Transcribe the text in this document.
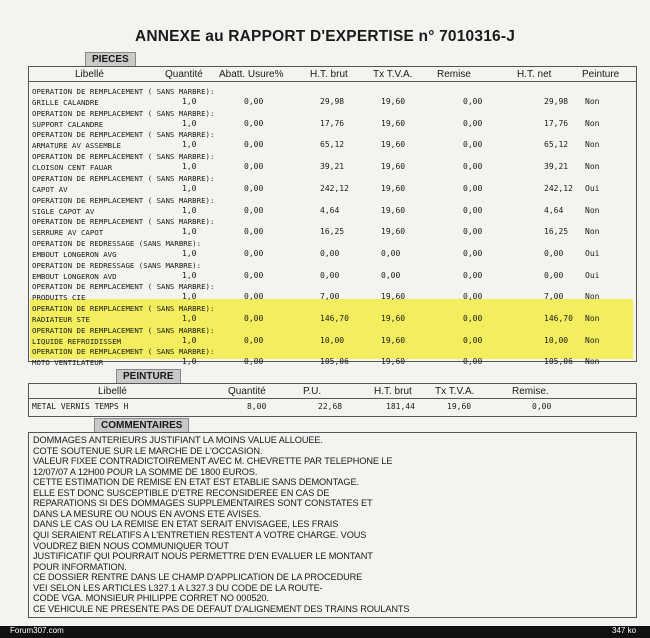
ANNEXE au RAPPORT D'EXPERTISE n° 7010316-J
PIECES
Libellé	Quantité Abatt. Usure%	H.T. brut	Tx T.V.A. Remise	H.T. net	Peinture
OPERATION DE REMPLACEMENT ( SANS MARBRE):
GRILLE CALANDRE	1,0	0,00	29,98	19,60	0,00	29,98 Non
OPERATION DE REMPLACEMENT ( SANS MARBRE):
SUPPORT CALANDRE	1,0	0,00	17,76	19,60	0,00	17,76 Non
OPERATION DE REMPLACEMENT ( SANS MARBRE):
ARMATURE AV ASSEMBLE	1,0	0,00	65,12	19,60	0,00	65,12 Non
OPERATION DE REMPLACEMENT ( SANS MARBRE):
CLOISON CENT FAUAR	1,0	0,00	39,21	19,60	0,00	39,21 Non
OPERATION DE REMPLACEMENT ( SANS MARBRE):
CAPOT AV	1,0	0,00	242,12	19,60	0,00	242,12 Oui
OPERATION DE REMPLACEMENT ( SANS MARBRE):
SIGLE CAPOT AV	1,0	0,00	4,64	19,60	0,00	4,64	Non
OPERATION DE REMPLACEMENT ( SANS MARBRE):
SERRURE AV CAPOT	1,0	0,00	16,25	19,60	0,00	16,25 Non
OPERATION DE REDRESSAGE (SANS MARBRE):
EMBOUT LONGERON AVG	1,0	0,00	0,00	0,00	0,00	0,00	Oui
OPERATION DE REDRESSAGE (SANS MARBRE):
EMBOUT LONGERON AVD	1,0	0,00	0,00	0,00	0,00	0,00	Oui
OPERATION DE REMPLACEMENT ( SANS MARBRE):
PRODUITS CIE	1,0	0,00	7,00	19,60	0,00	7,00	Non
OPERATION DE REMPLACEMENT ( SANS MARBRE):
RADIATEUR STE	1,0	0,00	146,70	19,60	0,00	146,70 Non
OPERATION DE REMPLACEMENT ( SANS MARBRE):
LIQUIDE REFROIDISSEM	1,0	0,00	10,00	19,60	0,00	10,00 Non
OPERATION DE REMPLACEMENT ( SANS MARBRE):
MOTO VENTILATEUR	1,0	0,00	105,06	19,60	0,00	105,06 Non
PEINTURE
Libellé	Quantité	P.U.	H.T. brut Tx T.V.A.	Remise.
METAL VERNIS TEMPS H	8,00	22,68	181,44	19,60	0,00
COMMENTAIRES
DOMMAGES ANTERIEURS JUSTIFIANT LA MOINS VALUE ALLOUEE.
COTE SOUTENUE SUR LE MARCHE DE L'OCCASION.
VALEUR FIXEE CONTRADICTOIREMENT AVEC M. CHEVRETTE PAR TELEPHONE LE
12/07/07 A 12H00 POUR LA SOMME DE 1800 EUROS.
CETTE ESTIMATION DE REMISE EN ETAT EST ETABLIE SANS DEMONTAGE.
ELLE EST DONC SUSCEPTIBLE D'ETRE RECONSIDEREE EN CAS DE
REPARATIONS SI DES DOMMAGES SUPPLEMENTAIRES SONT CONSTATES ET
DANS LA MESURE OU NOUS EN AVONS ETE AVISES.
DANS LE CAS OU LA REMISE EN ETAT SERAIT ENVISAGEE, LES FRAIS
QUI SERAIENT RELATIFS A L'ENTRETIEN RESTENT A VOTRE CHARGE. VOUS
VOUDREZ BIEN NOUS COMMUNIQUER TOUT
JUSTIFICATIF QUI POURRAIT NOUS PERMETTRE D'EN EVALUER LE MONTANT
POUR INFORMATION.
CE DOSSIER RENTRE DANS LE CHAMP D'APPLICATION DE LA PROCEDURE
VEI SELON LES ARTICLES L327.1 A L327.3 DU CODE DE LA ROUTE-
CODE VGA. MONSIEUR PHILIPPE CORRET NO 000520.
CE VEHICULE NE PRESENTE PAS DE DEFAUT D'ALIGNEMENT DES TRAINS ROULANTS
Forum307.com	347 ko
